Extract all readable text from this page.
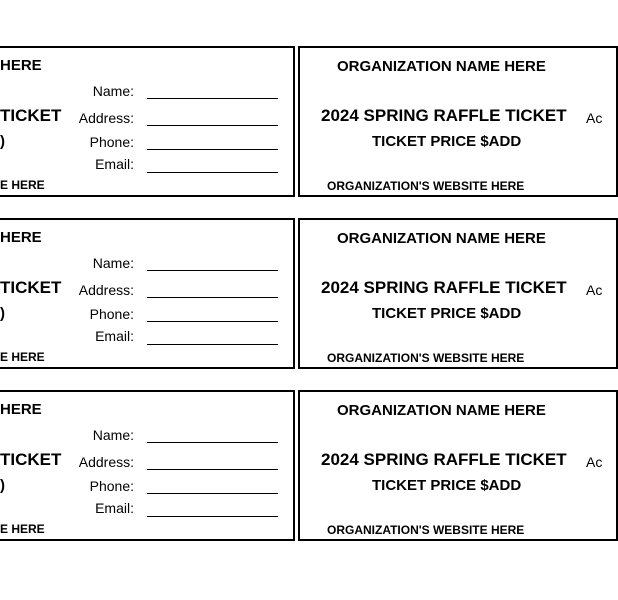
HERE
TICKET
)
E HERE
Name:
Address:
Phone:
Email:
ORGANIZATION NAME HERE
2024 SPRING RAFFLE TICKET
TICKET PRICE $ADD
ORGANIZATION'S WEBSITE HERE
Ac
HERE
TICKET
)
E HERE
Name:
Address:
Phone:
Email:
ORGANIZATION NAME HERE
2024 SPRING RAFFLE TICKET
TICKET PRICE $ADD
ORGANIZATION'S WEBSITE HERE
Ac
HERE
TICKET
)
E HERE
Name:
Address:
Phone:
Email:
ORGANIZATION NAME HERE
2024 SPRING RAFFLE TICKET
TICKET PRICE $ADD
ORGANIZATION'S WEBSITE HERE
Ac
